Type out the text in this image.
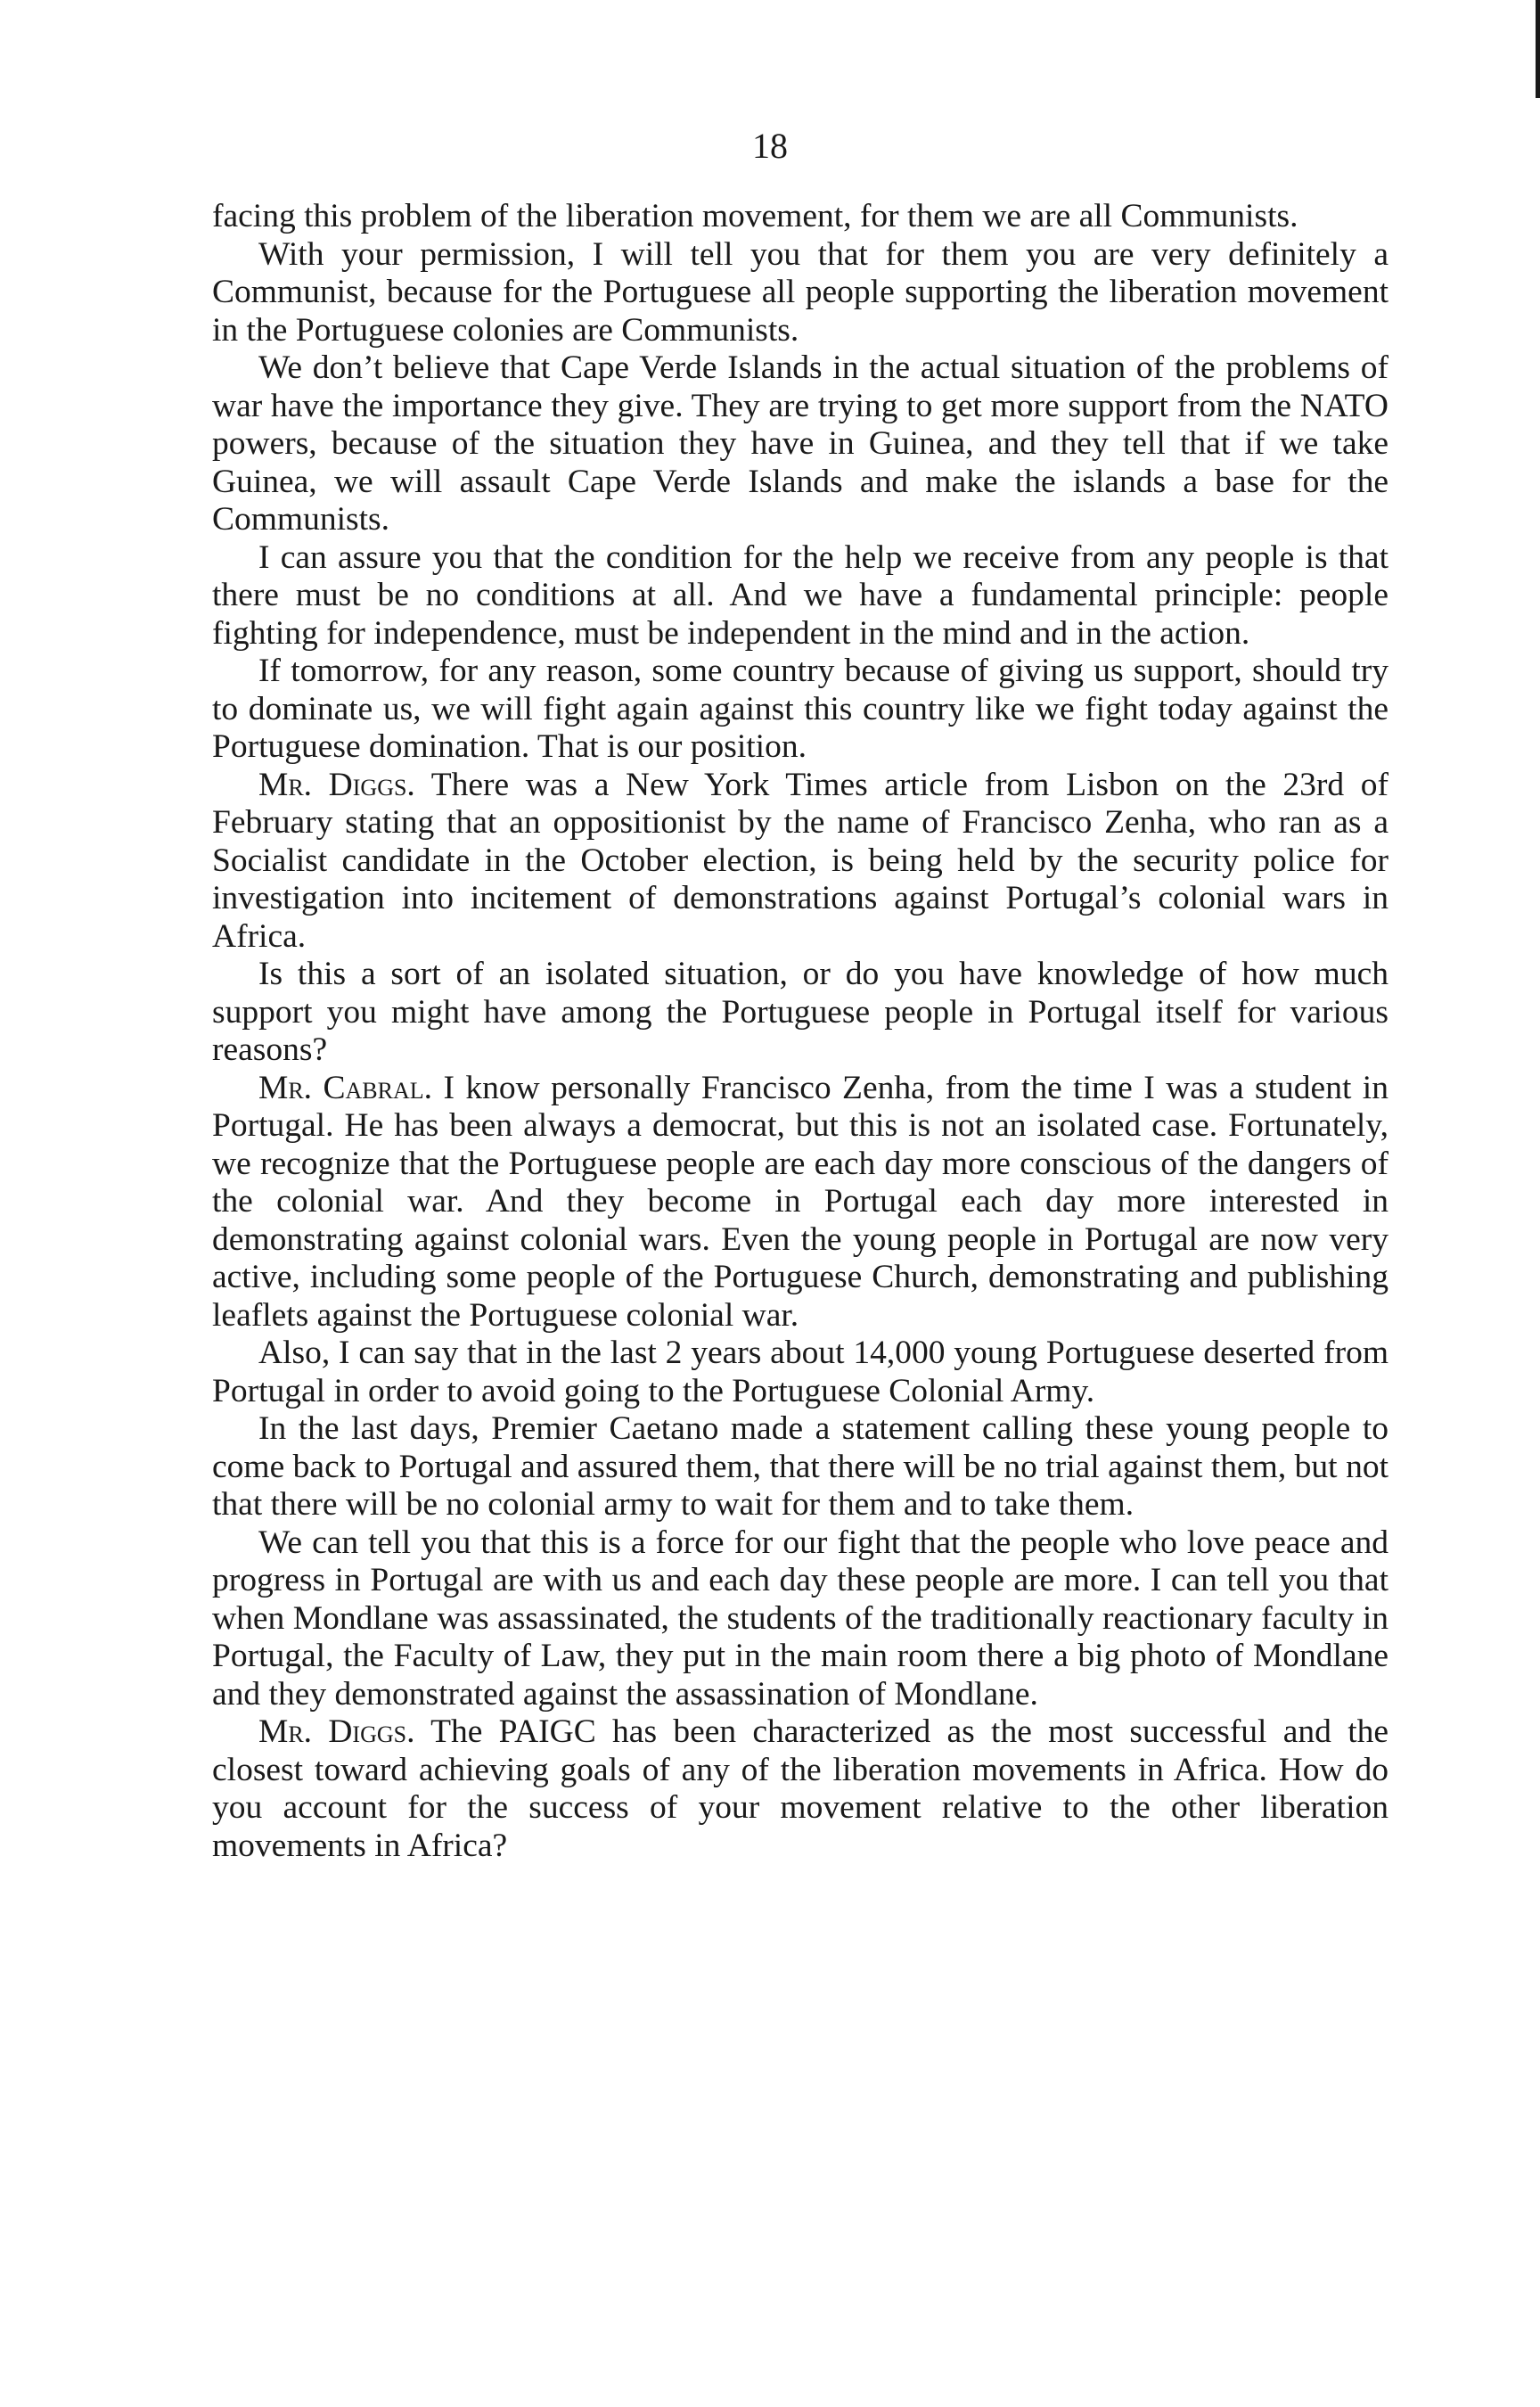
18

facing this problem of the liberation movement, for them we are all Communists.

With your permission, I will tell you that for them you are very definitely a Communist, because for the Portuguese all people supporting the liberation movement in the Portuguese colonies are Communists.

We don’t believe that Cape Verde Islands in the actual situation of the problems of war have the importance they give. They are trying to get more support from the NATO powers, because of the situation they have in Guinea, and they tell that if we take Guinea, we will assault Cape Verde Islands and make the islands a base for the Communists.

I can assure you that the condition for the help we receive from any people is that there must be no conditions at all. And we have a fundamental principle: people fighting for independence, must be independent in the mind and in the action.

If tomorrow, for any reason, some country because of giving us support, should try to dominate us, we will fight again against this country like we fight today against the Portuguese domination. That is our position.

Mr. Diggs. There was a New York Times article from Lisbon on the 23rd of February stating that an oppositionist by the name of Francisco Zenha, who ran as a Socialist candidate in the October election, is being held by the security police for investigation into incitement of demonstrations against Portugal’s colonial wars in Africa.

Is this a sort of an isolated situation, or do you have knowledge of how much support you might have among the Portuguese people in Portugal itself for various reasons?

Mr. Cabral. I know personally Francisco Zenha, from the time I was a student in Portugal. He has been always a democrat, but this is not an isolated case. Fortunately, we recognize that the Portuguese people are each day more conscious of the dangers of the colonial war. And they become in Portugal each day more interested in demonstrating against colonial wars. Even the young people in Portugal are now very active, including some people of the Portuguese Church, demonstrating and publishing leaflets against the Portuguese colonial war.

Also, I can say that in the last 2 years about 14,000 young Portuguese deserted from Portugal in order to avoid going to the Portuguese Colonial Army.

In the last days, Premier Caetano made a statement calling these young people to come back to Portugal and assured them, that there will be no trial against them, but not that there will be no colonial army to wait for them and to take them.

We can tell you that this is a force for our fight that the people who love peace and progress in Portugal are with us and each day these people are more. I can tell you that when Mondlane was assassinated, the students of the traditionally reactionary faculty in Portugal, the Faculty of Law, they put in the main room there a big photo of Mondlane and they demonstrated against the assassination of Mondlane.

Mr. Diggs. The PAIGC has been characterized as the most successful and the closest toward achieving goals of any of the liberation movements in Africa. How do you account for the success of your movement relative to the other liberation movements in Africa?
